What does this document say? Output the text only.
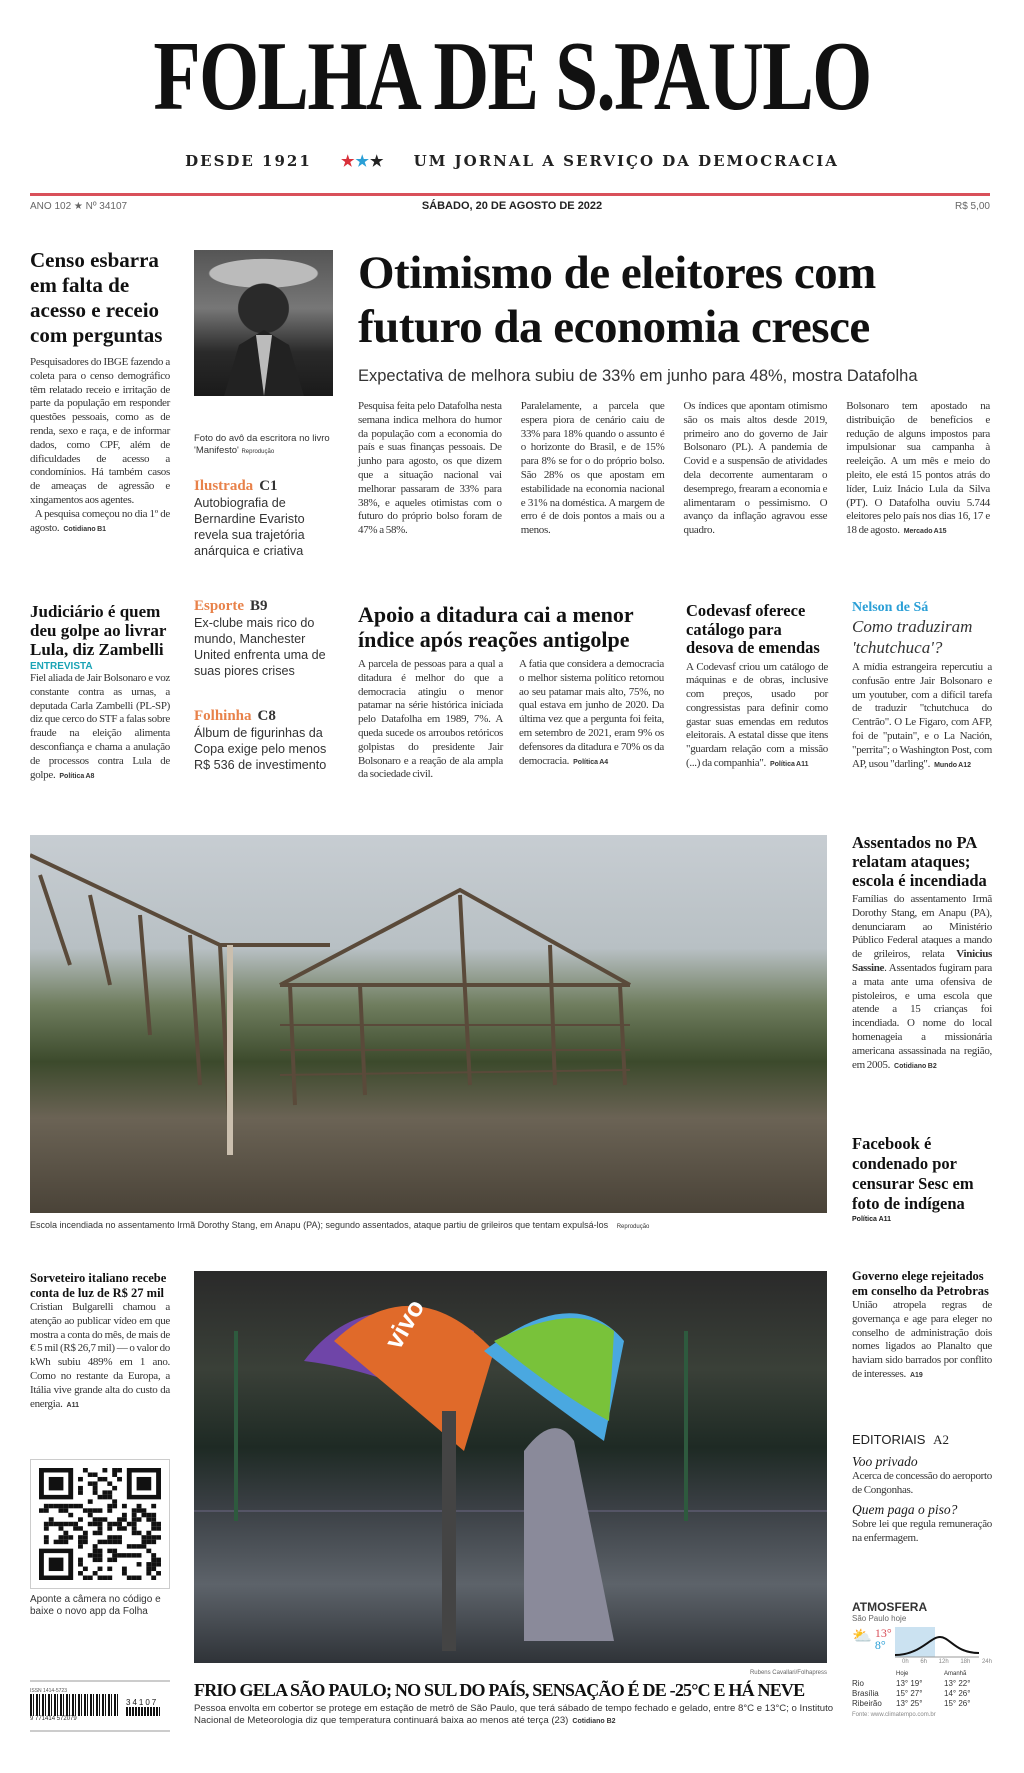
FOLHA DE S.PAULO
DESDE 1921 ★★★ UM JORNAL A SERVIÇO DA DEMOCRACIA
ANO 102 ★ Nº 34107	SÁBADO, 20 DE AGOSTO DE 2022	R$ 5,00
Censo esbarra em falta de acesso e receio com perguntas

Pesquisadores do IBGE fazendo a coleta para o censo demográfico têm relatado receio e irritação de parte da população em responder questões pessoais, como as de renda, sexo e raça, e de informar dados, como CPF, além de dificuldades de acesso a condomínios. Há também casos de ameaças de agressão e xingamentos aos agentes.
A pesquisa começou no dia 1º de agosto. Cotidiano B1

Foto do avô da escritora no livro 'Manifesto' Reprodução
Ilustrada C1
Autobiografia de Bernardine Evaristo revela sua trajetória anárquica e criativa
Otimismo de eleitores com futuro da economia cresce
Expectativa de melhora subiu de 33% em junho para 48%, mostra Datafolha

Pesquisa feita pelo Datafolha nesta semana indica melhora do humor da população com a economia do país e suas finanças pessoais. De junho para agosto, os que dizem que a situação nacional vai melhorar passaram de 33% para 38%, e aqueles otimistas com o futuro do próprio bolso foram de 47% a 58%.

Paralelamente, a parcela que espera piora de cenário caiu de 33% para 18% quando o assunto é o horizonte do Brasil, e de 15% para 8% se for o do próprio bolso. São 28% os que apostam em estabilidade na economia nacional e 31% na doméstica. A margem de erro é de dois pontos a mais ou a menos.

Os índices que apontam otimismo são os mais altos desde 2019, primeiro ano do governo de Jair Bolsonaro (PL). A pandemia de Covid e a suspensão de atividades dela decorrente aumentaram o desemprego, frearam a economia e alimentaram o pessimismo. O avanço da inflação agravou esse quadro.

Bolsonaro tem apostado na distribuição de benefícios e redução de alguns impostos para impulsionar sua campanha à reeleição. A um mês e meio do pleito, ele está 15 pontos atrás do líder, Luiz Inácio Lula da Silva (PT). O Datafolha ouviu 5.744 eleitores pelo país nos dias 16, 17 e 18 de agosto. Mercado A15

Judiciário é quem deu golpe ao livrar Lula, diz Zambelli
ENTREVISTA

Fiel aliada de Jair Bolsonaro e voz constante contra as urnas, a deputada Carla Zambelli (PL-SP) diz que cerco do STF a falas sobre fraude na eleição alimenta desconfiança e chama a anulação de processos contra Lula de golpe. Política A8

Esporte B9
Ex-clube mais rico do mundo, Manchester United enfrenta uma de suas piores crises
Folhinha C8
Álbum de figurinhas da Copa exige pelo menos R$ 536 de investimento
Apoio a ditadura cai a menor índice após reações antigolpe

A parcela de pessoas para a qual a ditadura é melhor do que a democracia atingiu o menor patamar na série histórica iniciada pelo Datafolha em 1989, 7%. A queda sucede os arroubos retóricos golpistas do presidente Jair Bolsonaro e a reação de ala ampla da sociedade civil.

A fatia que considera a democracia o melhor sistema político retornou ao seu patamar mais alto, 75%, no qual estava em junho de 2020. Da última vez que a pergunta foi feita, em setembro de 2021, eram 9% os defensores da ditadura e 70% os da democracia. Política A4

Codevasf oferece catálogo para desova de emendas

A Codevasf criou um catálogo de máquinas e de obras, inclusive com preços, usado por congressistas para definir como gastar suas emendas em redutos eleitorais. A estatal disse que itens "guardam relação com a missão (...) da companhia". Política A11

Nelson de Sá
Como traduziram 'tchutchuca'?

A mídia estrangeira repercutiu a confusão entre Jair Bolsonaro e um youtuber, com a difícil tarefa de traduzir "tchutchuca do Centrão". O Le Figaro, com AFP, foi de "putain", e o La Nación, "perrita"; o Washington Post, com AP, usou "darling". Mundo A12

Escola incendiada no assentamento Irmã Dorothy Stang, em Anapu (PA); segundo assentados, ataque partiu de grileiros que tentam expulsá-los Reprodução
Assentados no PA relatam ataques; escola é incendiada

Famílias do assentamento Irmã Dorothy Stang, em Anapu (PA), denunciaram ao Ministério Público Federal ataques a mando de grileiros, relata Vinicius Sassine. Assentados fugiram para a mata ante uma ofensiva de pistoleiros, e uma escola que atende a 15 crianças foi incendiada. O nome do local homenageia a missionária americana assassinada na região, em 2005. Cotidiano B2

Facebook é condenado por censurar Sesc em foto de indígena
Política A11
Sorveteiro italiano recebe conta de luz de R$ 27 mil

Cristian Bulgarelli chamou a atenção ao publicar vídeo em que mostra a conta do mês, de mais de € 5 mil (R$ 26,7 mil) — o valor do kWh subiu 489% em 1 ano. Como no restante da Europa, a Itália vive grande alta do custo da energia. A11

Aponte a câmera no código e baixe o novo app da Folha
ISSN 1414-5723
34107
9 771414 572079
vivo
Rubens Cavallari/Folhapress
FRIO GELA SÃO PAULO; NO SUL DO PAÍS, SENSAÇÃO É DE -25°C E HÁ NEVE

Pessoa envolta em cobertor se protege em estação de metrô de São Paulo, que terá sábado de tempo fechado e gelado, entre 8°C e 13°C; o Instituto Nacional de Meteorologia diz que temperatura continuará baixa ao menos até terça (23) Cotidiano B2

Governo elege rejeitados em conselho da Petrobras

União atropela regras de governança e age para eleger no conselho de administração dois nomes ligados ao Planalto que haviam sido barrados por conflito de interesses. A19

EDITORIAIS A2
Voo privado
Acerca de concessão do aeroporto de Congonhas.
Quem paga o piso?
Sobre lei que regula remuneração na enfermagem.
ATMOSFERA
São Paulo hoje
⛅ 13°
8°
0h 6h 12h 18h 24h
Hoje	Amanhã
Rio	13° 19°	13° 22°
Brasília	15° 27°	14° 26°
Ribeirão	13° 25°	15° 26°
Fonte: www.climatempo.com.br
